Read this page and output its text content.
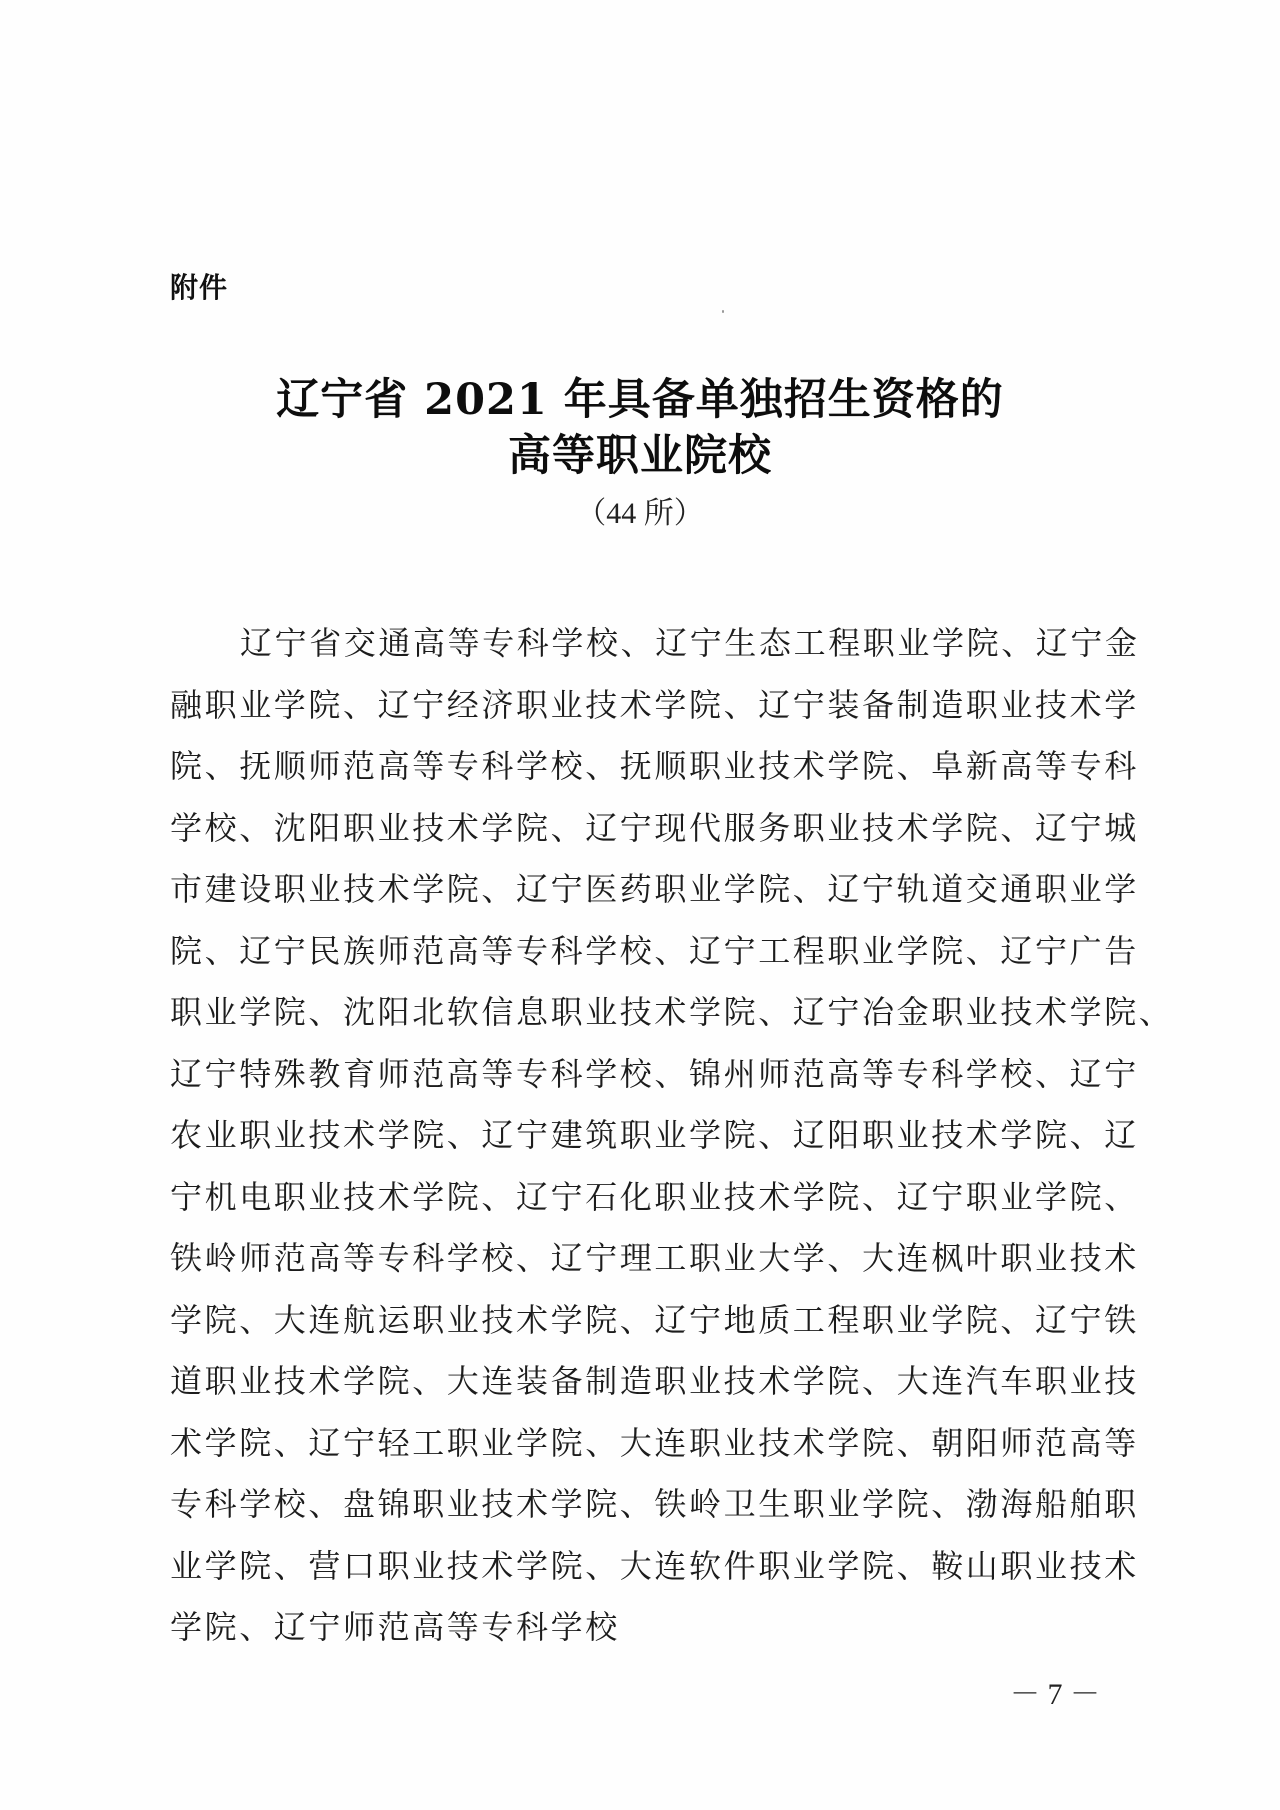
附件
辽宁省 2021 年具备单独招生资格的
高等职业院校
（44 所）
辽宁省交通高等专科学校、辽宁生态工程职业学院、辽宁金
融职业学院、辽宁经济职业技术学院、辽宁装备制造职业技术学
院、抚顺师范高等专科学校、抚顺职业技术学院、阜新高等专科
学校、沈阳职业技术学院、辽宁现代服务职业技术学院、辽宁城
市建设职业技术学院、辽宁医药职业学院、辽宁轨道交通职业学
院、辽宁民族师范高等专科学校、辽宁工程职业学院、辽宁广告
职业学院、沈阳北软信息职业技术学院、辽宁冶金职业技术学院、
辽宁特殊教育师范高等专科学校、锦州师范高等专科学校、辽宁
农业职业技术学院、辽宁建筑职业学院、辽阳职业技术学院、辽
宁机电职业技术学院、辽宁石化职业技术学院、辽宁职业学院、
铁岭师范高等专科学校、辽宁理工职业大学、大连枫叶职业技术
学院、大连航运职业技术学院、辽宁地质工程职业学院、辽宁铁
道职业技术学院、大连装备制造职业技术学院、大连汽车职业技
术学院、辽宁轻工职业学院、大连职业技术学院、朝阳师范高等
专科学校、盘锦职业技术学院、铁岭卫生职业学院、渤海船舶职
业学院、营口职业技术学院、大连软件职业学院、鞍山职业技术
学院、辽宁师范高等专科学校
－ 7 －
